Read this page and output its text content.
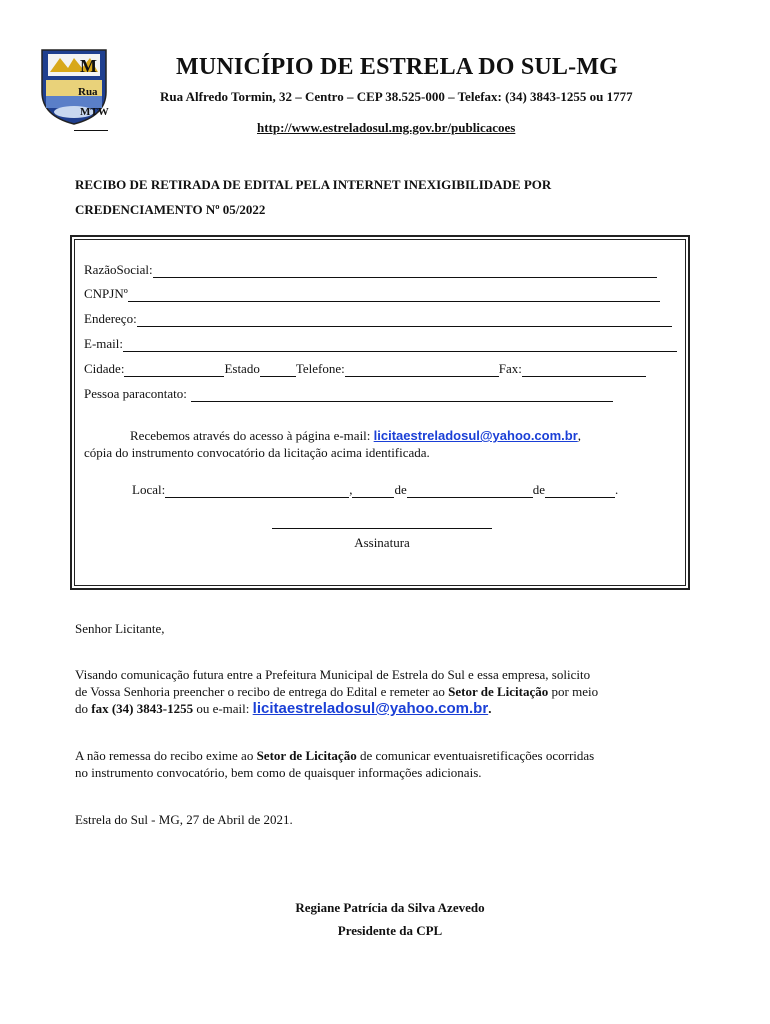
M
Rua
MTW
MUNICÍPIO DE ESTRELA DO SUL-MG
Rua Alfredo Tormin, 32 – Centro – CEP 38.525-000 – Telefax: (34) 3843-1255 ou 1777
http://www.estreladosul.mg.gov.br/publicacoes
RECIBO DE RETIRADA DE EDITAL PELA INTERNET INEXIGIBILIDADE POR
CREDENCIAMENTO Nº 05/2022
RazãoSocial:
CNPJNº
Endereço:
E-mail:
Cidade:	Estado	Telefone:	Fax:
Pessoa paracontato:
Recebemos através do acesso à página e-mail: licitaestreladosul@yahoo.com.br,
cópia do instrumento convocatório da licitação acima identificada.
Local:	,	de	de	.
Assinatura
Senhor Licitante,
Visando comunicação futura entre a Prefeitura Municipal de Estrela do Sul e essa empresa, solicito
de Vossa Senhoria preencher o recibo de entrega do Edital e remeter ao Setor de Licitação por meio
do fax (34) 3843-1255 ou e-mail: licitaestreladosul@yahoo.com.br.
A não remessa do recibo exime ao Setor de Licitação de comunicar eventuaisretificações ocorridas
no instrumento convocatório, bem como de quaisquer informações adicionais.
Estrela do Sul - MG, 27 de Abril de 2021.
Regiane Patrícia da Silva Azevedo
Presidente da CPL
